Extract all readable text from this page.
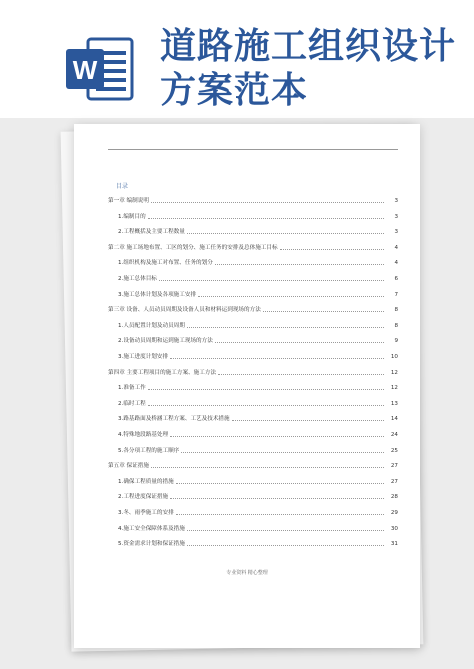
W
道路施工组织设计
方案范本
目录
第一章 编制说明	3
1.编制目的	3
2.工程概括及主要工程数量	3
第二章 施工场地布置、工区的划分、施工任务的安排及总体施工目标	4
1.组织机构及施工对布置、任务的划分	4
2.施工总体目标	6
3.施工总体计划及各项施工安排	7
第三章 设备、人员动员周期及设备人员和材料运到现场的方法	8
1.人员配置计划及动员周期	8
2.设备动员周期和运到施工现场的方法	9
3.施工进度计划安排	10
第四章 主要工程项目的施工方案、施工方法	12
1.准备工作	12
2.临时工程	13
3.路基路面及桥涵工程方案、工艺及技术措施	14
4.特殊地段路基处理	24
5.各分项工程的施工顺序	25
第五章 保证措施	27
1.确保工程质量的措施	27
2.工程进度保证措施	28
3.冬、雨季施工的安排	29
4.施工安全保障体系及措施	30
5.资金需求计划和保证措施	31
专业资料 精心整理
